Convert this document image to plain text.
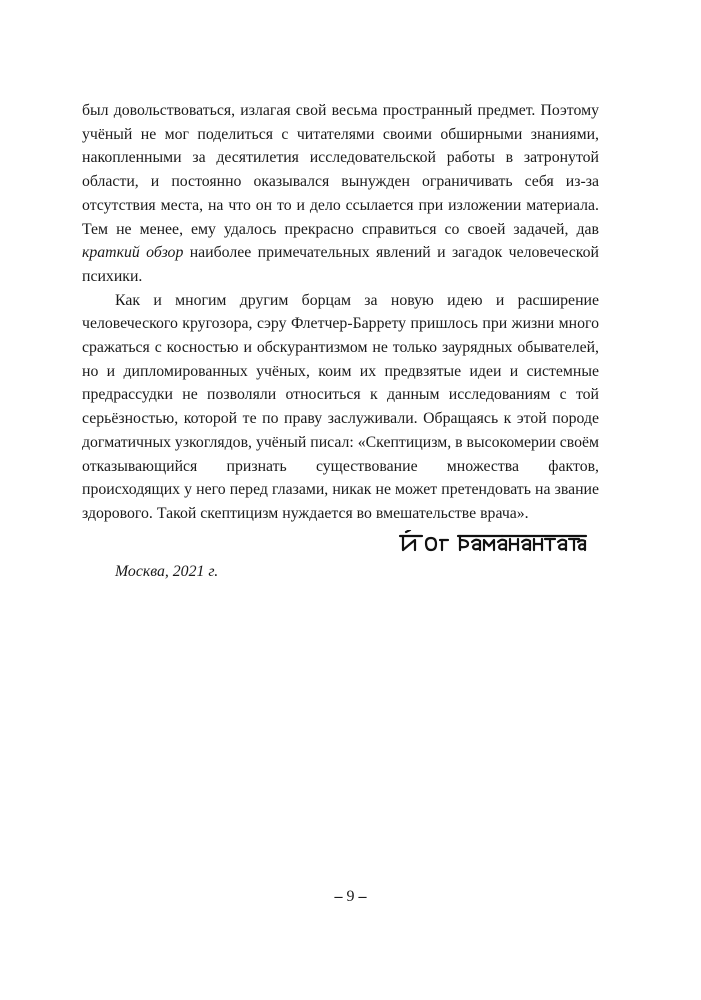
был довольствоваться, излагая свой весьма пространный предмет. Поэтому учёный не мог поделиться с читателями своими обширными знаниями, накопленными за десятилетия исследовательской работы в затронутой области, и постоянно оказывался вынужден ограничивать себя из-за отсутствия места, на что он то и дело ссылается при изложении материала. Тем не менее, ему удалось прекрасно справиться со своей задачей, дав краткий обзор наиболее примечательных явлений и загадок человеческой психики.

Как и многим другим борцам за новую идею и расширение человеческого кругозора, сэру Флетчер-Баррету пришлось при жизни много сражаться с косностью и обскурантизмом не только заурядных обывателей, но и дипломированных учёных, коим их предвзятые идеи и системные предрассудки не позволяли относиться к данным исследованиям с той серьёзностью, которой те по праву заслуживали. Обращаясь к этой породе догматичных узкоглядов, учёный писал: «Скептицизм, в высокомерии своём отказывающийся признать существование множества фактов, происходящих у него перед глазами, никак не может претендовать на звание здорового. Такой скептицизм нуждается во вмешательстве врача».

Москва, 2021 г.
– 9 –
